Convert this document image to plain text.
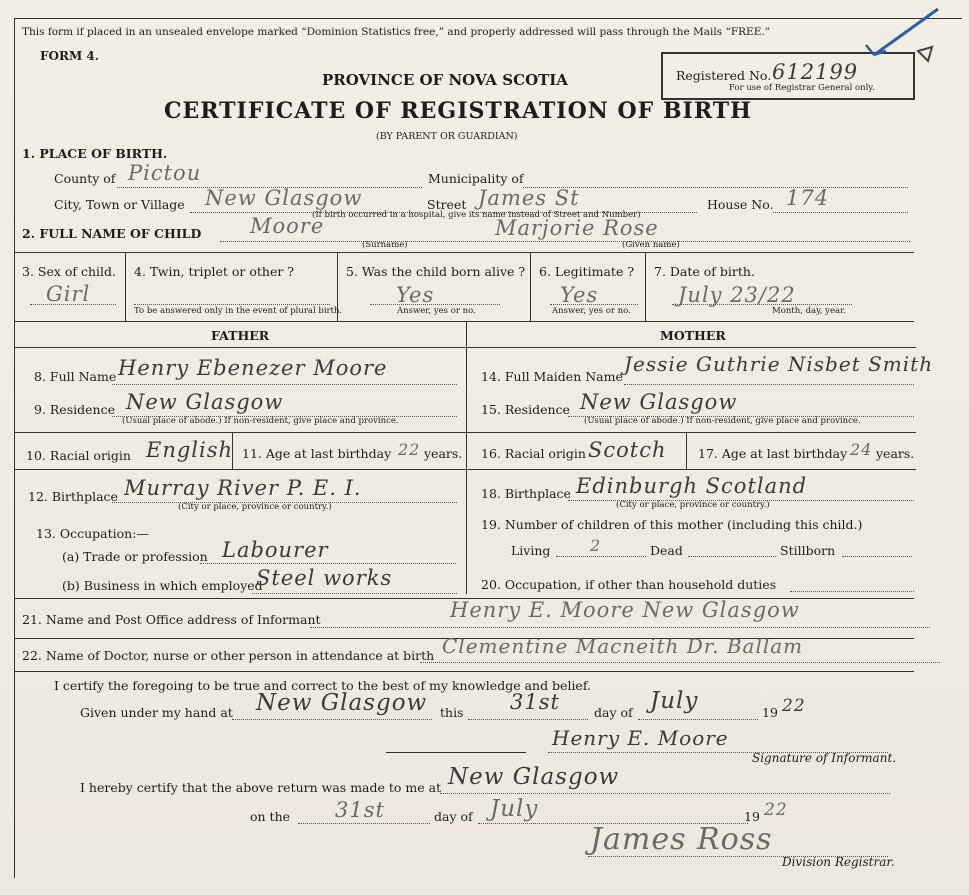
This form if placed in an unsealed envelope marked “Dominion Statistics free,” and properly addressed will pass through the Mails “FREE.”
FORM 4.
PROVINCE OF NOVA SCOTIA
CERTIFICATE OF REGISTRATION OF BIRTH
(BY PARENT OR GUARDIAN)
Registered No. 612199
For use of Registrar General only.
1. PLACE OF BIRTH.
County of Pictou	Municipality of
City, Town or Village New Glasgow	Street James St
(If birth occurred in a hospital, give its name instead of Street and Number)
House No. 174
2. FULL NAME OF CHILD Moore
(Surname)
Marjorie Rose
(Given name)
3. Sex of child.
Girl
4. Twin, triplet or other ?
To be answered only in the event of plural birth.
5. Was the child born alive ?
Yes
Answer, yes or no.
6. Legitimate ?
Yes
Answer, yes or no.
7. Date of birth.
July 23/22
Month, day, year.
FATHER	MOTHER
8. Full Name Henry Ebenezer Moore
9. Residence New Glasgow
(Usual place of abode.) If non-resident, give place and province.
10. Racial origin English 11. Age at last birthday 22 years.
12. Birthplace Murray River P. E. I.
(City or place, province or country.)
13. Occupation:—
(a) Trade or profession Labourer
(b) Business in which employed
Steel works
14. Full Maiden Name
Jessie Guthrie Nisbet Smith
15. Residence New Glasgow
(Usual place of abode.) If non-resident, give place and province.
16. Racial origin Scotch	17. Age at last birthday 24 years.
18. Birthplace Edinburgh Scotland
(City or place, province or country.)
19. Number of children of this mother (including this child.)
Living 2	Dead	Stillborn
20. Occupation, if other than household duties
21. Name and Post Office address of Informant	Henry E. Moore New Glasgow
22. Name of Doctor, nurse or other person in attendance at birth Clementine Macneith Dr. Ballam
I certify the foregoing to be true and correct to the best of my knowledge and belief.
Given under my hand at New Glasgow this 31st	day of July	19 22
Henry E. Moore
Signature of Informant.
I hereby certify that the above return was made to me at New Glasgow
on the 31st	day of July	19 22
James Ross
Division Registrar.
